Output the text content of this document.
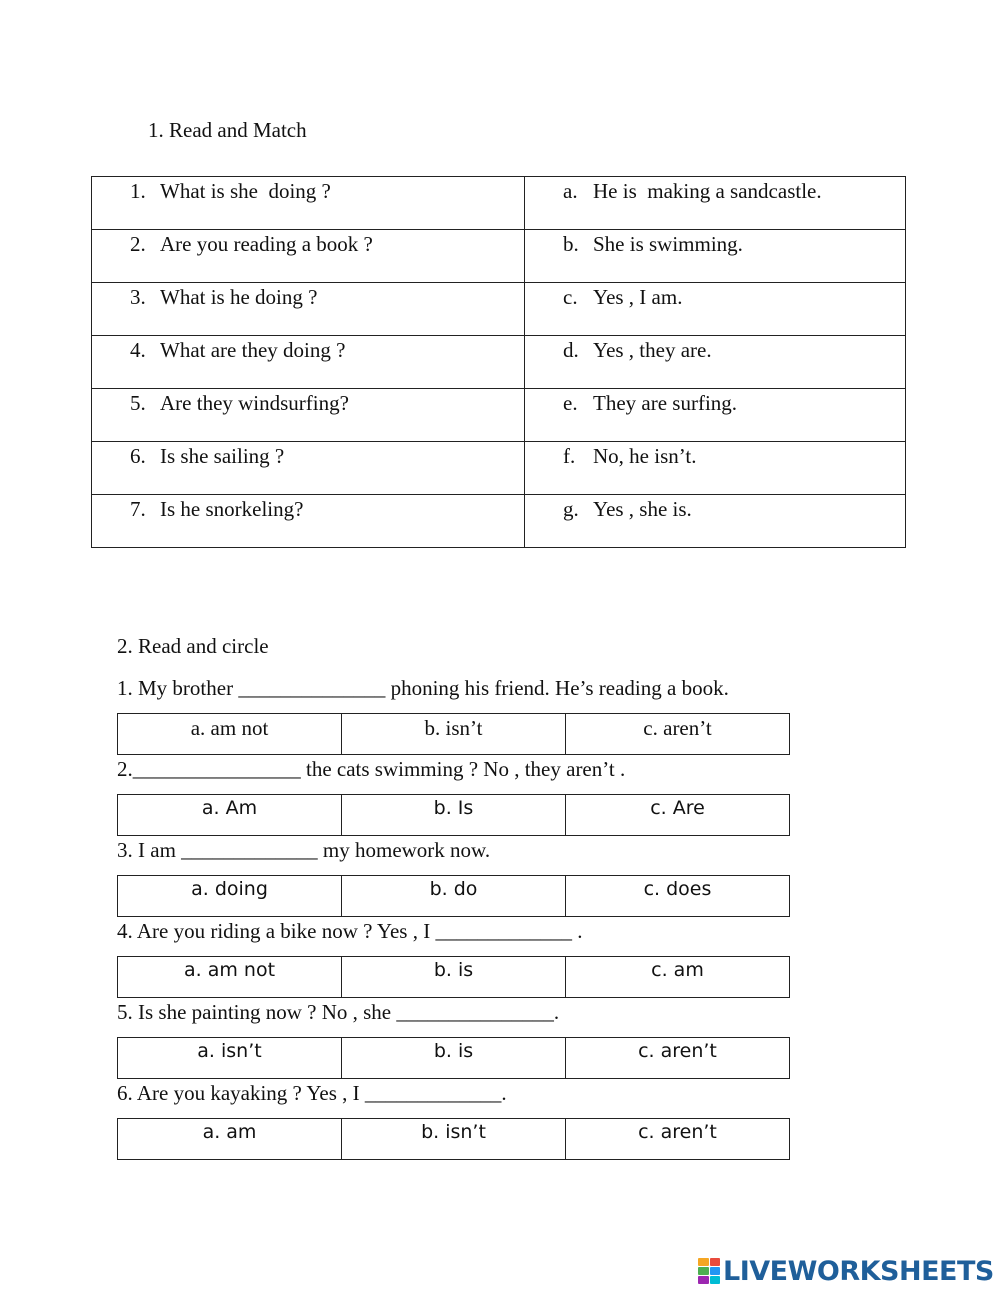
1. Read and Match
1. What is she  doing ?	a. He is  making a sandcastle.

2. Are you reading a book ?	b. She is swimming.

3. What is he doing ?	c. Yes , I am.

4. What are they doing ?	d. Yes , they are.

5. Are they windsurfing?	e. They are surfing.

6. Is she sailing ?	f. No, he isn’t.

7. Is he snorkeling?	g. Yes , she is.
2. Read and circle
1. My brother ______________ phoning his friend. He’s reading a book.
a. am not	b. isn’t	c. aren’t
2.________________ the cats swimming ? No , they aren’t .
a. Am	b. Is	c. Are
3. I am _____________ my homework now.
a. doing	b. do	c. does
4. Are you riding a bike now ? Yes , I _____________ .
a. am not	b. is	c. am
5. Is she painting now ? No , she _______________.
a. isn’t	b. is	c. aren’t
6. Are you kayaking ? Yes , I _____________.
a. am	b. isn’t	c. aren’t
LIVEWORKSHEETS
